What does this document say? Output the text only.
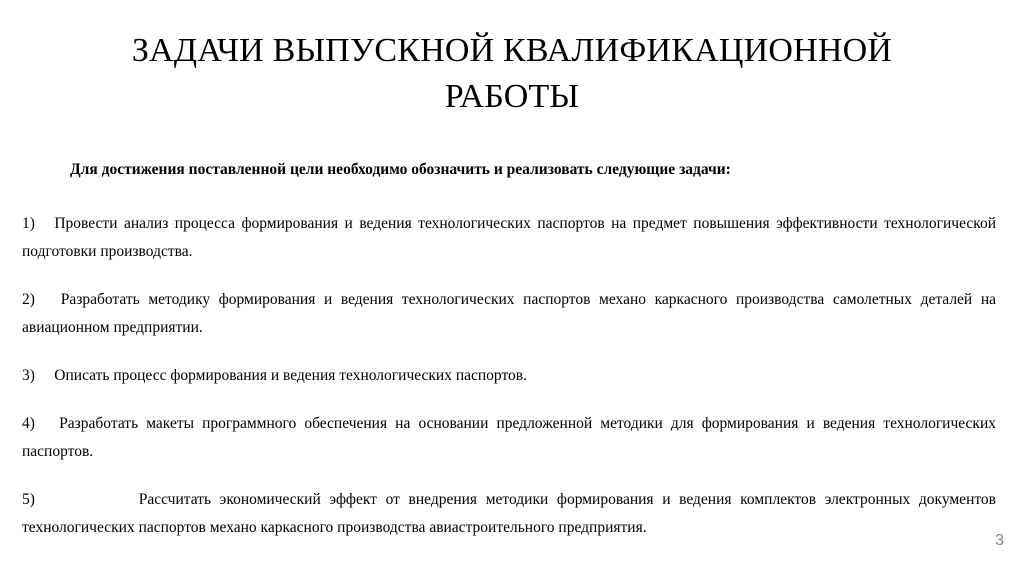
ЗАДАЧИ ВЫПУСКНОЙ КВАЛИФИКАЦИОННОЙ
РАБОТЫ

Для достижения поставленной цели необходимо обозначить и реализовать следующие задачи:

1) Провести анализ процесса формирования и ведения технологических паспортов на предмет повышения эффективности технологической подготовки производства.
2) Разработать методику формирования и ведения технологических паспортов механо каркасного производства самолетных деталей на авиационном предприятии.
3) Описать процесс формирования и ведения технологических паспортов.
4) Разработать макеты программного обеспечения на основании предложенной методики для формирования и ведения технологических паспортов.
5)	Рассчитать экономический эффект от внедрения методики формирования и ведения комплектов электронных документов технологических паспортов механо каркасного производства авиастроительного предприятия.
3
